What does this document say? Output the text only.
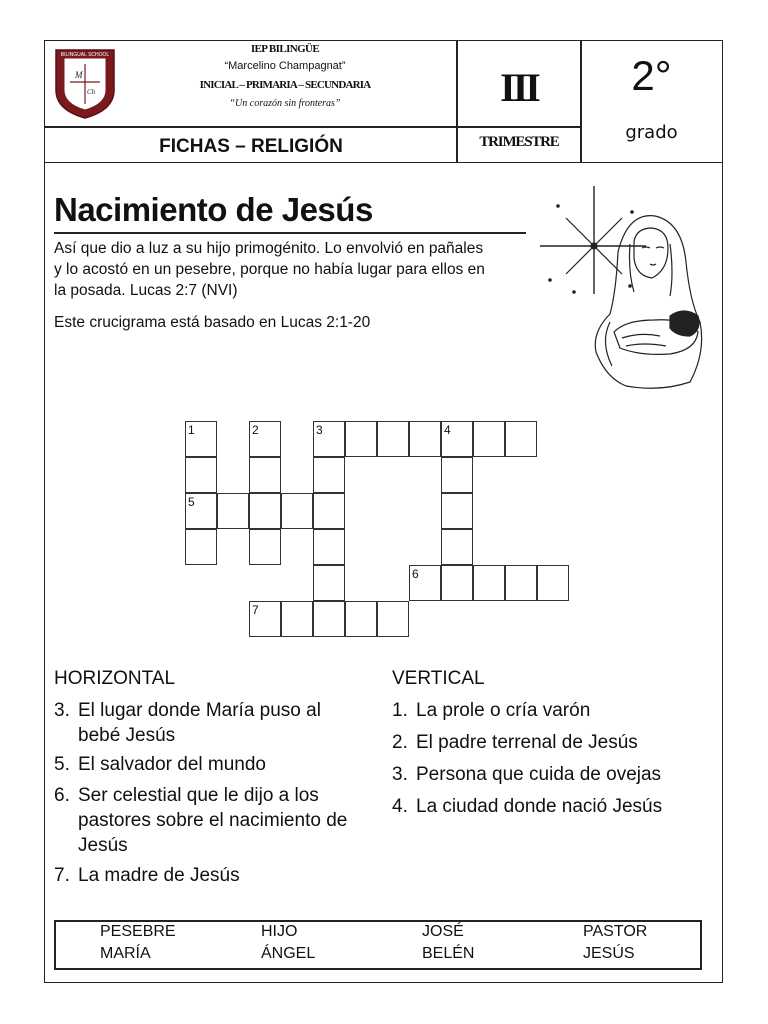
M
Ch
BILINGUAL SCHOOL	IEP BILINGÜE
“Marcelino Champagnat”
INICIAL – PRIMARIA – SECUNDARIA
“Un corazón sin fronteras”	III
TRIMESTRE
2°
grado
FICHAS – RELIGIÓN
Nacimiento de Jesús
Así que dio a luz a su hijo primogénito. Lo envolvió en pañales
y lo acostó en un pesebre, porque no había lugar para ellos en
la posada. Lucas 2:7 (NVI)
Este crucigrama está basado en Lucas 2:1-20
1	2	3	4
5
6
7
HORIZONTAL	VERTICAL
3. El lugar donde María puso al
bebé Jesús
5. El salvador del mundo
6. Ser celestial que le dijo a los
pastores sobre el nacimiento de
Jesús
7. La madre de Jesús
1. La prole o cría varón
2. El padre terrenal de Jesús
3. Persona que cuida de ovejas
4. La ciudad donde nació Jesús
PESEBRE	HIJO	JOSÉ	PASTOR
MARÍA	ÁNGEL	BELÉN	JESÚS
